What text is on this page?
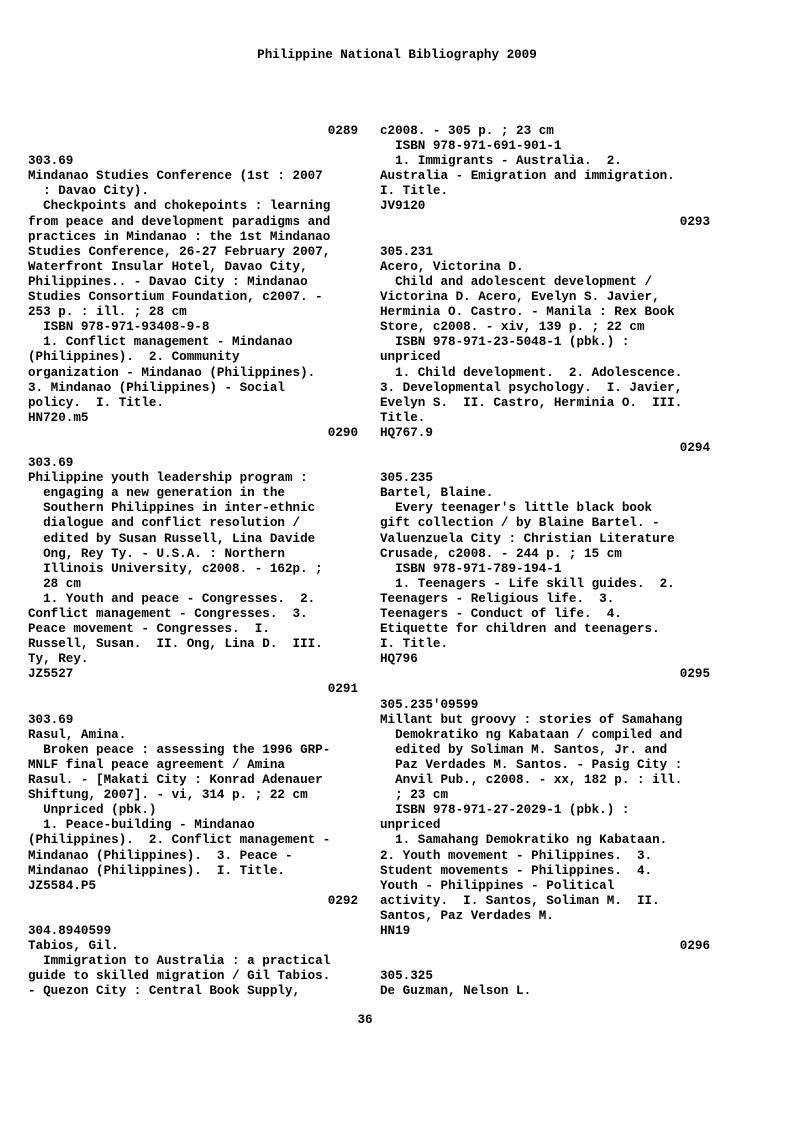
Philippine National Bibliography 2009
0289
303.69
Mindanao Studies Conference (1st : 2007
: Davao City).
Checkpoints and chokepoints : learning
from peace and development paradigms and
practices in Mindanao : the 1st Mindanao
Studies Conference, 26-27 February 2007,
Waterfront Insular Hotel, Davao City,
Philippines.. - Davao City : Mindanao
Studies Consortium Foundation, c2007. -
253 p. : ill. ; 28 cm
ISBN 978-971-93408-9-8
1. Conflict management - Mindanao
(Philippines).  2. Community
organization - Mindanao (Philippines).
3. Mindanao (Philippines) - Social
policy.  I. Title.
HN720.m5
0290
303.69
Philippine youth leadership program :
engaging a new generation in the
Southern Philippines in inter-ethnic
dialogue and conflict resolution /
edited by Susan Russell, Lina Davide
Ong, Rey Ty. - U.S.A. : Northern
Illinois University, c2008. - 162p. ;
28 cm
1. Youth and peace - Congresses.  2.
Conflict management - Congresses.  3.
Peace movement - Congresses.  I.
Russell, Susan.  II. Ong, Lina D.  III.
Ty, Rey.
JZ5527
0291
303.69
Rasul, Amina.
Broken peace : assessing the 1996 GRP-
MNLF final peace agreement / Amina
Rasul. - [Makati City : Konrad Adenauer
Shiftung, 2007]. - vi, 314 p. ; 22 cm
Unpriced (pbk.)
1. Peace-building - Mindanao
(Philippines).  2. Conflict management -
Mindanao (Philippines).  3. Peace -
Mindanao (Philippines).  I. Title.
JZ5584.P5
0292
304.8940599
Tabios, Gil.
Immigration to Australia : a practical
guide to skilled migration / Gil Tabios.
- Quezon City : Central Book Supply,
c2008. - 305 p. ; 23 cm
ISBN 978-971-691-901-1
1. Immigrants - Australia.  2.
Australia - Emigration and immigration.
I. Title.
JV9120
0293
305.231
Acero, Victorina D.
Child and adolescent development /
Victorina D. Acero, Evelyn S. Javier,
Herminia O. Castro. - Manila : Rex Book
Store, c2008. - xiv, 139 p. ; 22 cm
ISBN 978-971-23-5048-1 (pbk.) :
unpriced
1. Child development.  2. Adolescence.
3. Developmental psychology.  I. Javier,
Evelyn S.  II. Castro, Herminia O.  III.
Title.
HQ767.9
0294
305.235
Bartel, Blaine.
Every teenager's little black book
gift collection / by Blaine Bartel. -
Valuenzuela City : Christian Literature
Crusade, c2008. - 244 p. ; 15 cm
ISBN 978-971-789-194-1
1. Teenagers - Life skill guides.  2.
Teenagers - Religious life.  3.
Teenagers - Conduct of life.  4.
Etiquette for children and teenagers.
I. Title.
HQ796
0295
305.235'09599
Millant but groovy : stories of Samahang
Demokratiko ng Kabataan / compiled and
edited by Soliman M. Santos, Jr. and
Paz Verdades M. Santos. - Pasig City :
Anvil Pub., c2008. - xx, 182 p. : ill.
; 23 cm
ISBN 978-971-27-2029-1 (pbk.) :
unpriced
1. Samahang Demokratiko ng Kabataan.
2. Youth movement - Philippines.  3.
Student movements - Philippines.  4.
Youth - Philippines - Political
activity.  I. Santos, Soliman M.  II.
Santos, Paz Verdades M.
HN19
0296
305.325
De Guzman, Nelson L.
36
